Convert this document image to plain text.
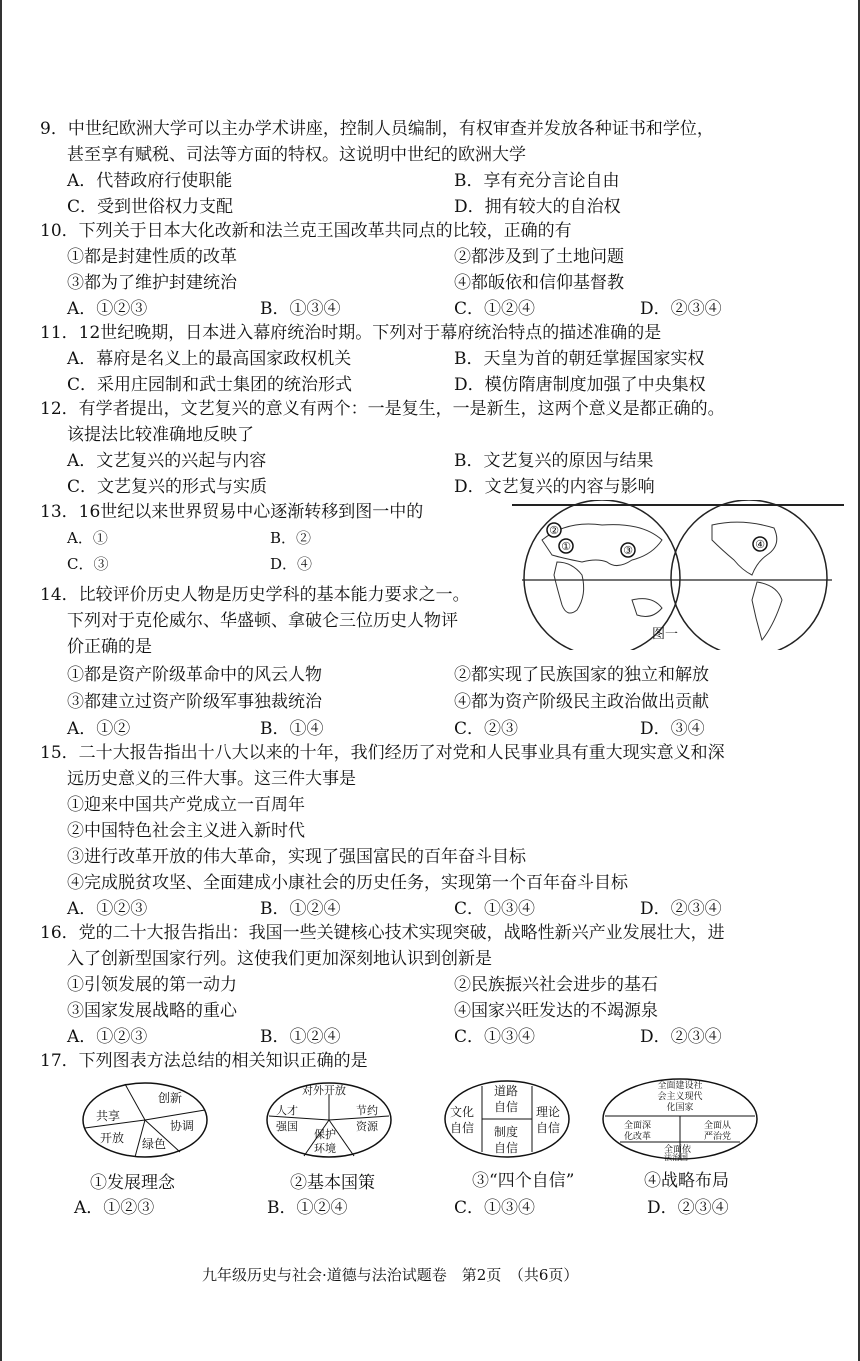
9．中世纪欧洲大学可以主办学术讲座，控制人员编制，有权审查并发放各种证书和学位，
甚至享有赋税、司法等方面的特权。这说明中世纪的欧洲大学
A．代替政府行使职能	B．享有充分言论自由
C．受到世俗权力支配	D．拥有较大的自治权
10．下列关于日本大化改新和法兰克王国改革共同点的比较，正确的有
①都是封建性质的改革	②都涉及到了土地问题
③都为了维护封建统治	④都皈依和信仰基督教
A．①②③	B．①③④	C．①②④	D．②③④
11．12世纪晚期，日本进入幕府统治时期。下列对于幕府统治特点的描述准确的是
A．幕府是名义上的最高国家政权机关	B．天皇为首的朝廷掌握国家实权
C．采用庄园制和武士集团的统治形式	D．模仿隋唐制度加强了中央集权
12．有学者提出，文艺复兴的意义有两个：一是复生，一是新生，这两个意义是都正确的。
该提法比较准确地反映了
A．文艺复兴的兴起与内容	B．文艺复兴的原因与结果
C．文艺复兴的形式与实质	D．文艺复兴的内容与影响
13．16世纪以来世界贸易中心逐渐转移到图一中的
A．①	B．②
C．③	D．④
②
①	③	④
图一
14．比较评价历史人物是历史学科的基本能力要求之一。
下列对于克伦威尔、华盛顿、拿破仑三位历史人物评
价正确的是
①都是资产阶级革命中的风云人物	②都实现了民族国家的独立和解放
③都建立过资产阶级军事独裁统治	④都为资产阶级民主政治做出贡献
A．①②	B．①④	C．②③	D．③④
15．二十大报告指出十八大以来的十年，我们经历了对党和人民事业具有重大现实意义和深
远历史意义的三件大事。这三件大事是
①迎来中国共产党成立一百周年
②中国特色社会主义进入新时代
③进行改革开放的伟大革命，实现了强国富民的百年奋斗目标
④完成脱贫攻坚、全面建成小康社会的历史任务，实现第一个百年奋斗目标
A．①②③	B．①②④	C．①③④	D．②③④
16．党的二十大报告指出：我国一些关键核心技术实现突破，战略性新兴产业发展壮大，进
入了创新型国家行列。这使我们更加深刻地认识到创新是
①引领发展的第一动力	②民族振兴社会进步的基石
③国家发展战略的重心	④国家兴旺发达的不竭源泉
A．①②③	B．①②④	C．①③④	D．②③④
17．下列图表方法总结的相关知识正确的是
创新
共享
协调
开放 绿色
①发展理念
对外开放
人才
强国
节约
资源
保护
环境
②基本国策
道路
自信
文化
自信
理论
自信
制度
自信
③“四个自信”
全面建设社
会主义现代
化国家
全面深
化改革
全面从
严治党
全面依
法治国
④战略布局
A．①②③	B．①②④	C．①③④	D．②③④
九年级历史与社会·道德与法治试题卷　第2页　（共6页）
